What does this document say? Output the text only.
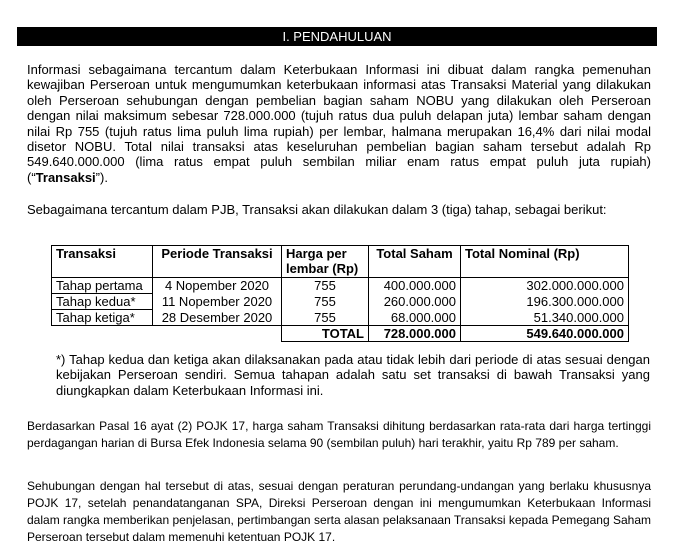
I. PENDAHULUAN

Informasi sebagaimana tercantum dalam Keterbukaan Informasi ini dibuat dalam rangka pemenuhan kewajiban Perseroan untuk mengumumkan keterbukaan informasi atas Transaksi Material yang dilakukan oleh Perseroan sehubungan dengan pembelian bagian saham NOBU yang dilakukan oleh Perseroan dengan nilai maksimum sebesar 728.000.000 (tujuh ratus dua puluh delapan juta) lembar saham dengan nilai Rp 755 (tujuh ratus lima puluh lima rupiah) per lembar, halmana merupakan 16,4% dari nilai modal disetor NOBU. Total nilai transaksi atas keseluruhan pembelian bagian saham tersebut adalah Rp 549.640.000.000 (lima ratus empat puluh sembilan miliar enam ratus empat puluh juta rupiah) (“Transaksi”).

Sebagaimana tercantum dalam PJB, Transaksi akan dilakukan dalam 3 (tiga) tahap, sebagai berikut:

Transaksi	Periode Transaksi	Harga per lembar (Rp)	Total Saham	Total Nominal (Rp)
Tahap pertama	4 Nopember 2020	755	400.000.000	302.000.000.000
Tahap kedua*	11 Nopember 2020	755	260.000.000	196.300.000.000
Tahap ketiga*	28 Desember 2020	755	68.000.000	51.340.000.000
		TOTAL	728.000.000	549.640.000.000

*) Tahap kedua dan ketiga akan dilaksanakan pada atau tidak lebih dari periode di atas sesuai dengan kebijakan Perseroan sendiri. Semua tahapan adalah satu set transaksi di bawah Transaksi yang diungkapkan dalam Keterbukaan Informasi ini.

Berdasarkan Pasal 16 ayat (2) POJK 17, harga saham Transaksi dihitung berdasarkan rata-rata dari harga tertinggi perdagangan harian di Bursa Efek Indonesia selama 90 (sembilan puluh) hari terakhir, yaitu Rp 789 per saham.

Sehubungan dengan hal tersebut di atas, sesuai dengan peraturan perundang-undangan yang berlaku khususnya POJK 17, setelah penandatanganan SPA, Direksi Perseroan dengan ini mengumumkan Keterbukaan Informasi dalam rangka memberikan penjelasan, pertimbangan serta alasan pelaksanaan Transaksi kepada Pemegang Saham Perseroan tersebut dalam memenuhi ketentuan POJK 17.
